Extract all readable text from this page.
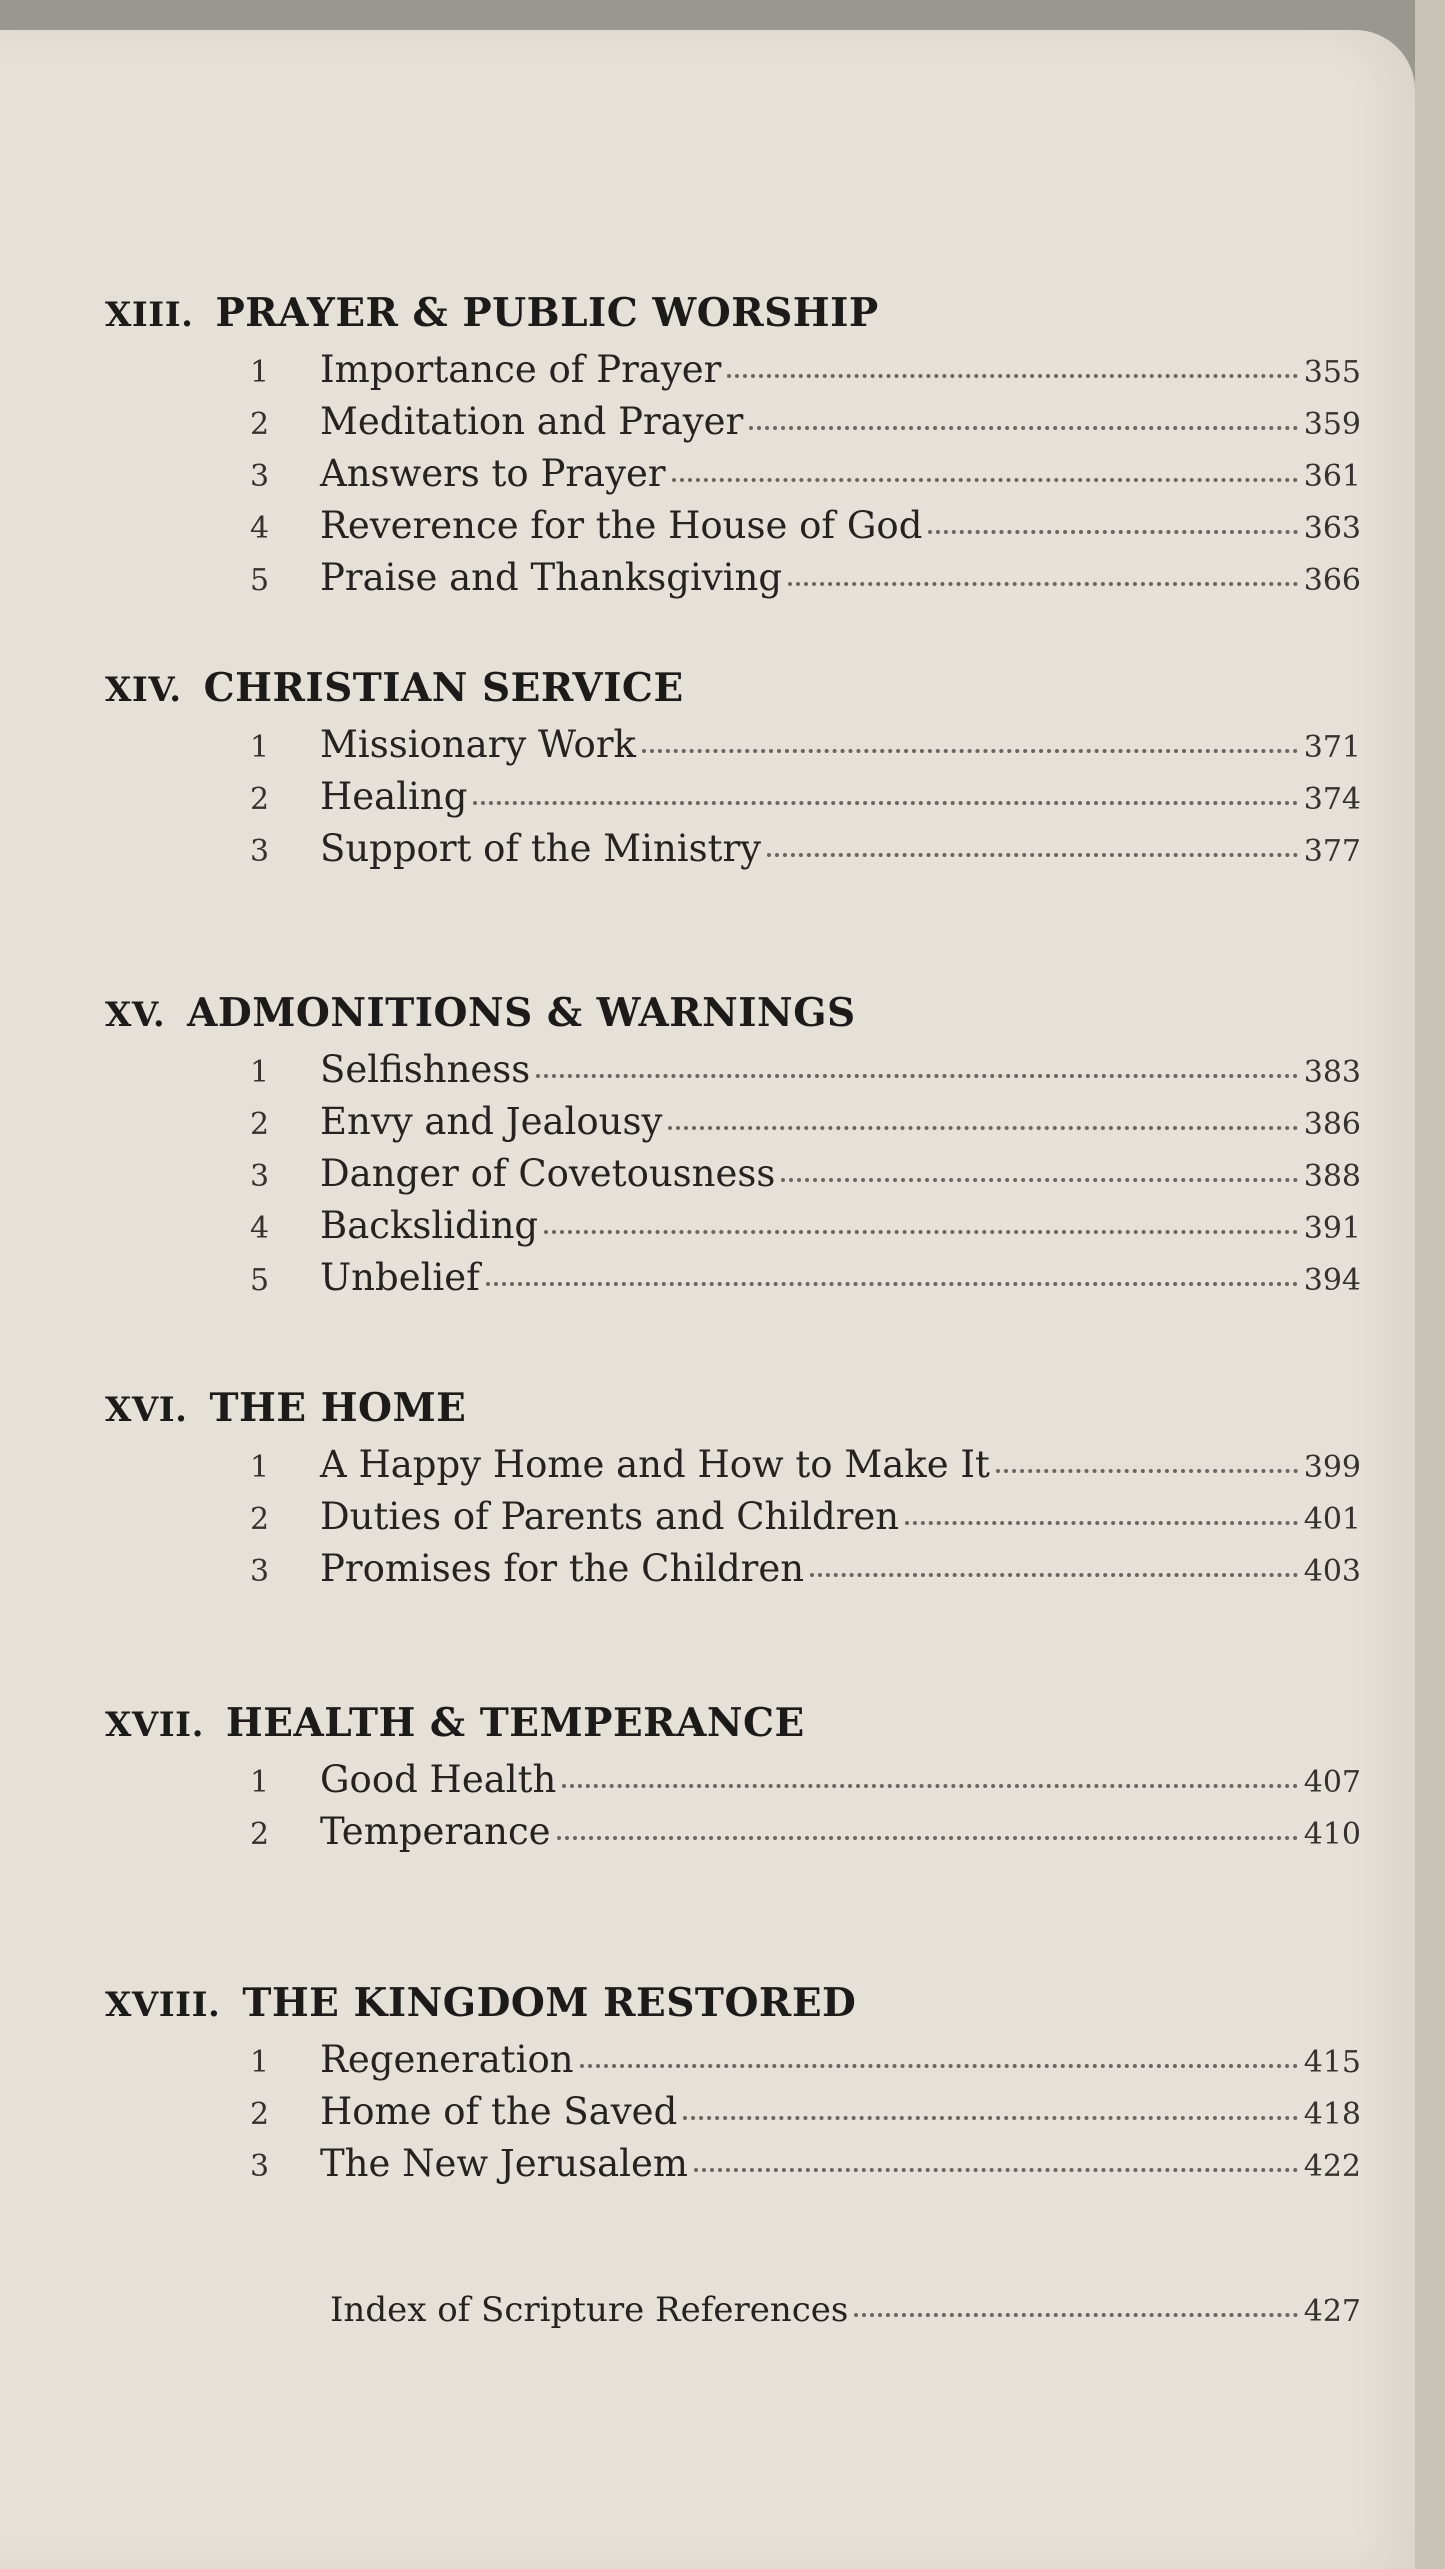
XIII. PRAYER & PUBLIC WORSHIP
1	Importance of Prayer	355
2	Meditation and Prayer	359
3	Answers to Prayer	361
4	Reverence for the House of God	363
5	Praise and Thanksgiving	366
XIV. CHRISTIAN SERVICE
1	Missionary Work	371
2	Healing	374
3	Support of the Ministry	377
XV. ADMONITIONS & WARNINGS
1	Selfishness	383
2	Envy and Jealousy	386
3	Danger of Covetousness	388
4	Backsliding	391
5	Unbelief	394
XVI. THE HOME
1	A Happy Home and How to Make It	399
2	Duties of Parents and Children	401
3	Promises for the Children	403
XVII. HEALTH & TEMPERANCE
1	Good Health	407
2	Temperance	410
XVIII. THE KINGDOM RESTORED
1	Regeneration	415
2	Home of the Saved	418
3	The New Jerusalem	422
Index of Scripture References	427
